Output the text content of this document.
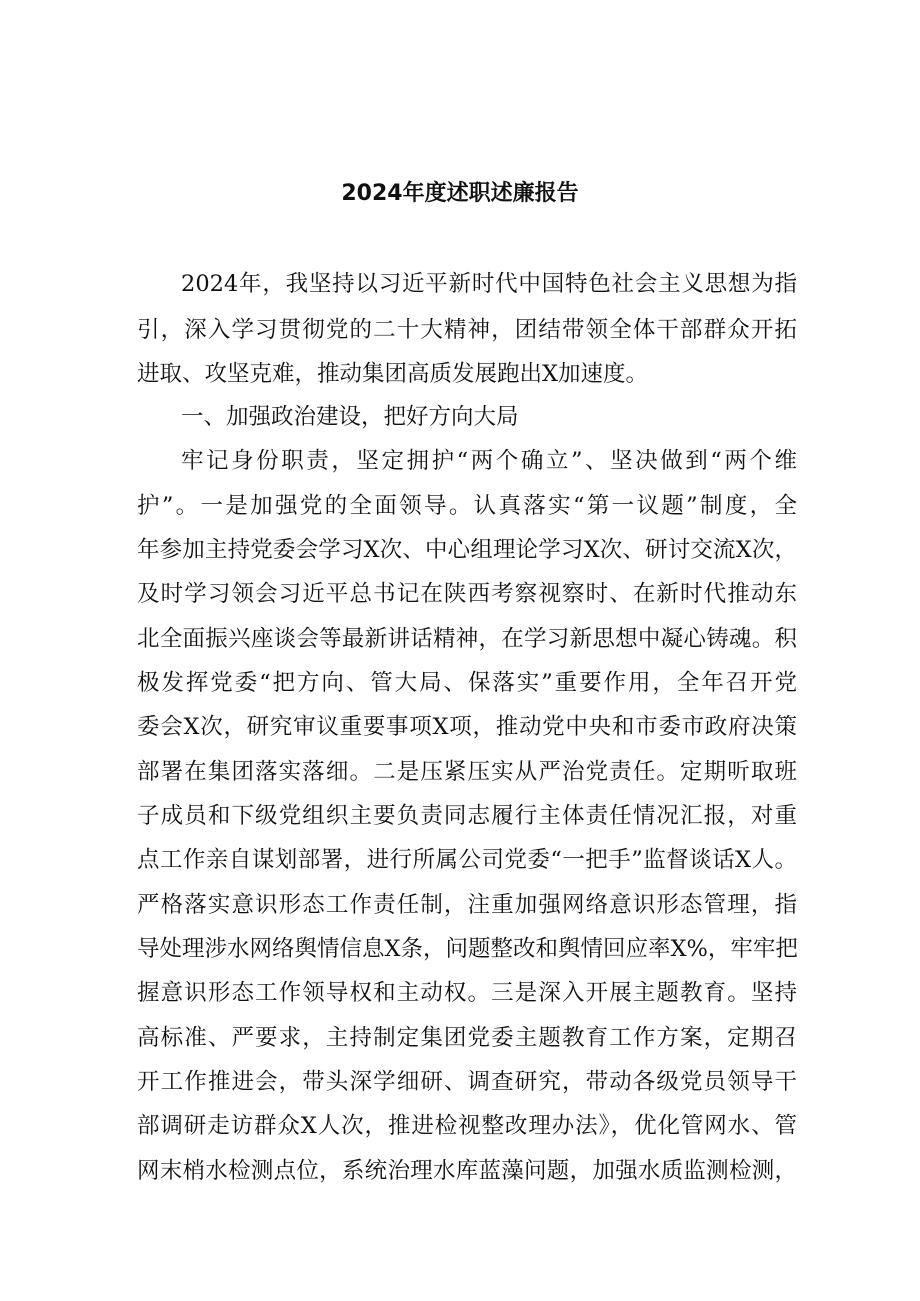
2024年度述职述廉报告
2024年，我坚持以习近平新时代中国特色社会主义思想为指
引，深入学习贯彻党的二十大精神，团结带领全体干部群众开拓
进取、攻坚克难，推动集团高质发展跑出X加速度。
一、加强政治建设，把好方向大局
牢记身份职责，坚定拥护“两个确立”、坚决做到“两个维
护”。一是加强党的全面领导。认真落实“第一议题”制度，全
年参加主持党委会学习X次、中心组理论学习X次、研讨交流X次，
及时学习领会习近平总书记在陕西考察视察时、在新时代推动东
北全面振兴座谈会等最新讲话精神，在学习新思想中凝心铸魂。积
极发挥党委“把方向、管大局、保落实”重要作用，全年召开党
委会X次，研究审议重要事项X项，推动党中央和市委市政府决策
部署在集团落实落细。二是压紧压实从严治党责任。定期听取班
子成员和下级党组织主要负责同志履行主体责任情况汇报，对重
点工作亲自谋划部署，进行所属公司党委“一把手”监督谈话X人。
严格落实意识形态工作责任制，注重加强网络意识形态管理，指
导处理涉水网络舆情信息X条，问题整改和舆情回应率X%，牢牢把
握意识形态工作领导权和主动权。三是深入开展主题教育。坚持
高标准、严要求，主持制定集团党委主题教育工作方案，定期召
开工作推进会，带头深学细研、调查研究，带动各级党员领导干
部调研走访群众X人次，推进检视整改理办法》，优化管网水、管
网末梢水检测点位，系统治理水库蓝藻问题，加强水质监测检测，
